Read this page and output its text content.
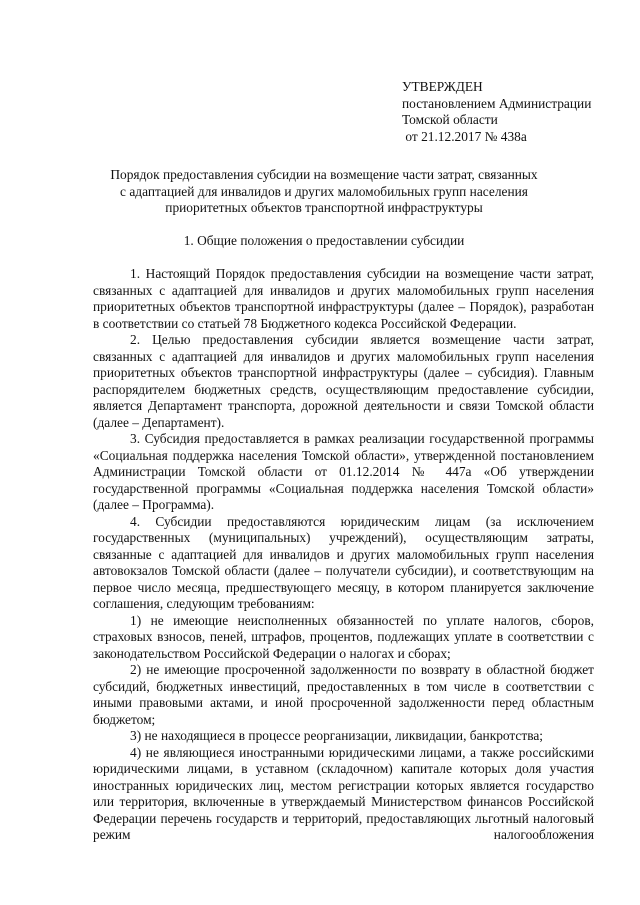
УТВЕРЖДЕН
постановлением Администрации
Томской области
от 21.12.2017 № 438а
Порядок предоставления субсидии на возмещение части затрат, связанных
с адаптацией для инвалидов и других маломобильных групп населения
приоритетных объектов транспортной инфраструктуры
1. Общие положения о предоставлении субсидии

1. Настоящий Порядок предоставления субсидии на возмещение части затрат, связанных с адаптацией для инвалидов и других маломобильных групп населения приоритетных объектов транспортной инфраструктуры (далее – Порядок), разработан в соответствии со статьей 78 Бюджетного кодекса Российской Федерации.

2. Целью предоставления субсидии является возмещение части затрат, связанных с адаптацией для инвалидов и других маломобильных групп населения приоритетных объектов транспортной инфраструктуры (далее – субсидия). Главным распорядителем бюджетных средств, осуществляющим предоставление субсидии, является Департамент транспорта, дорожной деятельности и связи Томской области (далее – Департамент).

3. Субсидия предоставляется в рамках реализации государственной программы «Социальная поддержка населения Томской области», утвержденной постановлением Администрации Томской области от 01.12.2014 № 447а «Об утверждении государственной программы «Социальная поддержка населения Томской области» (далее – Программа).

4. Субсидии предоставляются юридическим лицам (за исключением государственных (муниципальных) учреждений), осуществляющим затраты, связанные с адаптацией для инвалидов и других маломобильных групп населения автовокзалов Томской области (далее – получатели субсидии), и соответствующим на первое число месяца, предшествующего месяцу, в котором планируется заключение соглашения, следующим требованиям:

1) не имеющие неисполненных обязанностей по уплате налогов, сборов, страховых взносов, пеней, штрафов, процентов, подлежащих уплате в соответствии с законодательством Российской Федерации о налогах и сборах;

2) не имеющие просроченной задолженности по возврату в областной бюджет субсидий, бюджетных инвестиций, предоставленных в том числе в соответствии с иными правовыми актами, и иной просроченной задолженности перед областным бюджетом;

3) не находящиеся в процессе реорганизации, ликвидации, банкротства;

4) не являющиеся иностранными юридическими лицами, а также российскими юридическими лицами, в уставном (складочном) капитале которых доля участия иностранных юридических лиц, местом регистрации которых является государство или территория, включенные в утверждаемый Министерством финансов Российской Федерации перечень государств и территорий, предоставляющих льготный налоговый режим налогообложения
